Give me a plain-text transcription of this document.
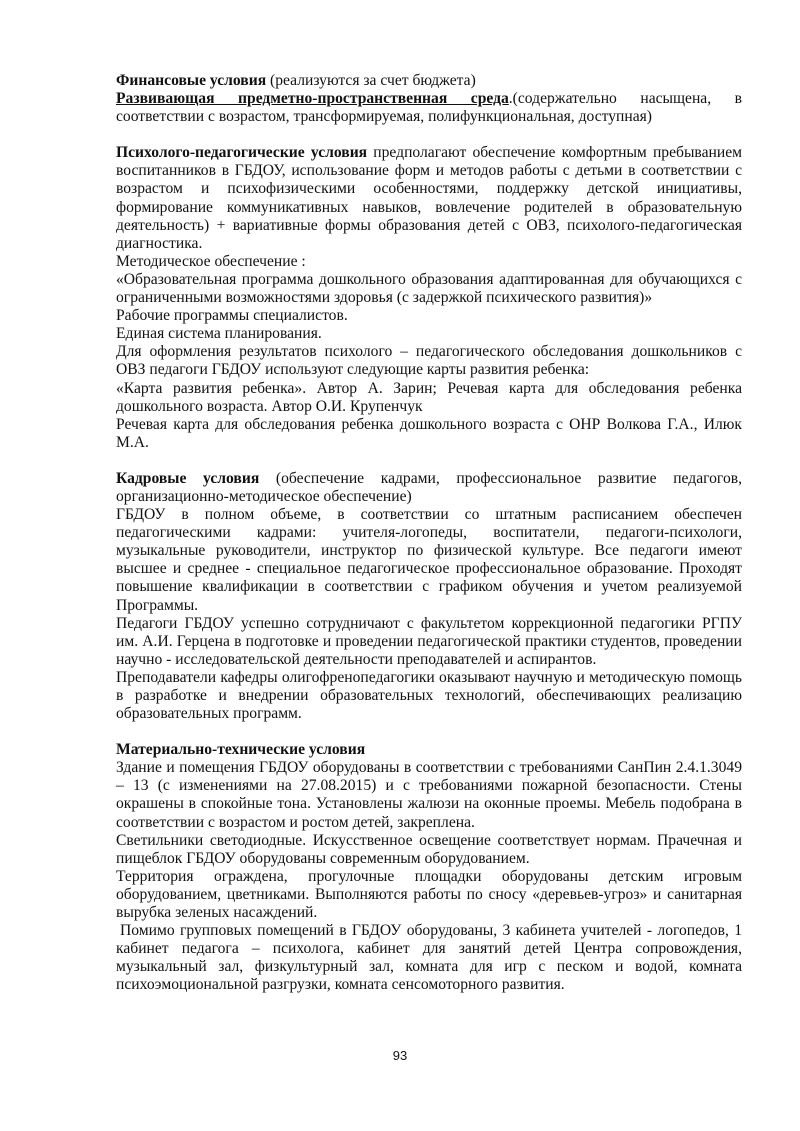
Финансовые условия (реализуются за счет бюджета)

Развивающая предметно-пространственная среда.(содержательно насыщена, в соответствии с возрастом, трансформируемая, полифункциональная, доступная)

Психолого-педагогические условия предполагают обеспечение комфортным пребыванием воспитанников в ГБДОУ, использование форм и методов работы с детьми в соответствии с возрастом и психофизическими особенностями, поддержку детской инициативы, формирование коммуникативных навыков, вовлечение родителей в образовательную деятельность) + вариативные формы образования детей с ОВЗ, психолого-педагогическая диагностика.

Методическое обеспечение :

«Образовательная программа дошкольного образования адаптированная для обучающихся с ограниченными возможностями здоровья (с задержкой психического развития)»

Рабочие программы специалистов.

Единая система планирования.

Для оформления результатов психолого – педагогического обследования дошкольников с ОВЗ педагоги ГБДОУ используют следующие карты развития ребенка:

«Карта развития ребенка». Автор А. Зарин; Речевая карта для обследования ребенка дошкольного возраста. Автор О.И. Крупенчук

Речевая карта для обследования ребенка дошкольного возраста с ОНР Волкова Г.А., Илюк М.А.

Кадровые условия (обеспечение кадрами, профессиональное развитие педагогов, организационно-методическое обеспечение)

ГБДОУ в полном объеме, в соответствии со штатным расписанием обеспечен педагогическими кадрами: учителя-логопеды, воспитатели, педагоги-психологи, музыкальные руководители, инструктор по физической культуре. Все педагоги имеют высшее и среднее - специальное педагогическое профессиональное образование. Проходят повышение квалификации в соответствии с графиком обучения и учетом реализуемой Программы.

Педагоги ГБДОУ успешно сотрудничают с факультетом коррекционной педагогики РГПУ им. А.И. Герцена в подготовке и проведении педагогической практики студентов, проведении научно - исследовательской деятельности преподавателей и аспирантов.

Преподаватели кафедры олигофренопедагогики оказывают научную и методическую помощь в разработке и внедрении образовательных технологий, обеспечивающих реализацию образовательных программ.

Материально-технические условия

Здание и помещения ГБДОУ оборудованы в соответствии с требованиями СанПин 2.4.1.3049 – 13 (с изменениями на 27.08.2015) и с требованиями пожарной безопасности. Стены окрашены в спокойные тона. Установлены жалюзи на оконные проемы. Мебель подобрана в соответствии с возрастом и ростом детей, закреплена.

Светильники светодиодные. Искусственное освещение соответствует нормам. Прачечная и пищеблок ГБДОУ оборудованы современным оборудованием.

Территория ограждена, прогулочные площадки оборудованы детским игровым оборудованием, цветниками. Выполняются работы по сносу «деревьев-угроз» и санитарная вырубка зеленых насаждений.

Помимо групповых помещений в ГБДОУ оборудованы, 3 кабинета учителей - логопедов, 1 кабинет педагога – психолога, кабинет для занятий детей Центра сопровождения, музыкальный зал, физкультурный зал, комната для игр с песком и водой, комната психоэмоциональной разгрузки, комната сенсомоторного развития.

93
